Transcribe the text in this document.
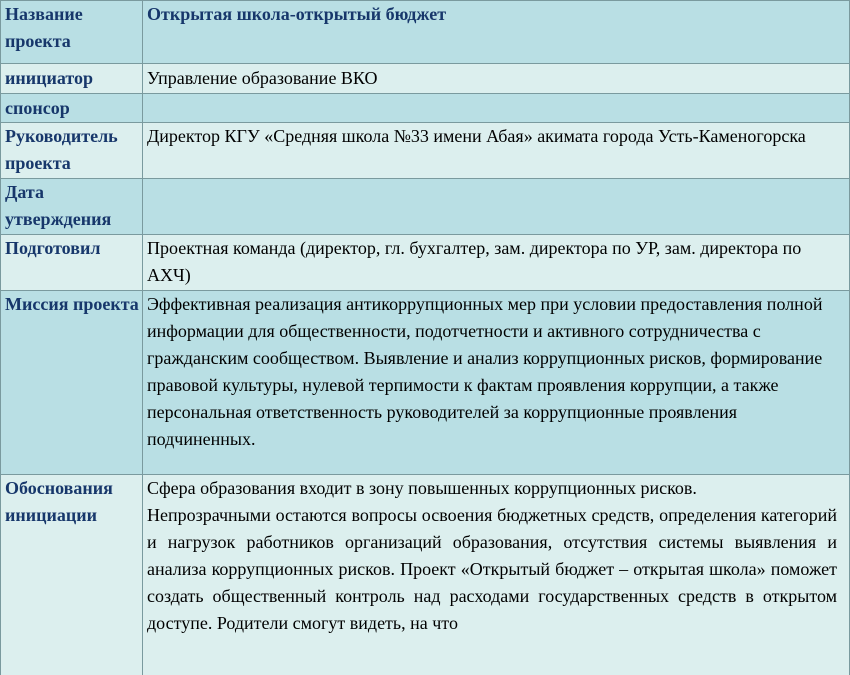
Название проекта
Открытая школа-открытый бюджет
инициатор	Управление образование ВКО
спонсор
Руководитель проекта
Директор КГУ «Средняя школа №33 имени Абая» акимата города Усть-Каменогорска
Дата утверждения
Подготовил	Проектная команда (директор, гл. бухгалтер, зам. директора по УР, зам. директора по АХЧ)
Миссия проекта Эффективная реализация антикоррупционных мер при условии предоставления полной информации для общественности, подотчетности и активного сотрудничества с гражданским сообществом. Выявление и анализ коррупционных рисков, формирование правовой культуры, нулевой терпимости к фактам проявления коррупции, а также персональная ответственность руководителей за коррупционные проявления подчиненных.
Обоснования инициации

Сфера образования входит в зону повышенных коррупционных рисков.

Непрозрачными остаются вопросы освоения бюджетных средств, определения категорий и нагрузок работников организаций образования, отсутствия системы выявления и анализа коррупционных рисков. Проект «Открытый бюджет – открытая школа» поможет создать общественный контроль над расходами государственных средств в открытом доступе. Родители смогут видеть, на что
